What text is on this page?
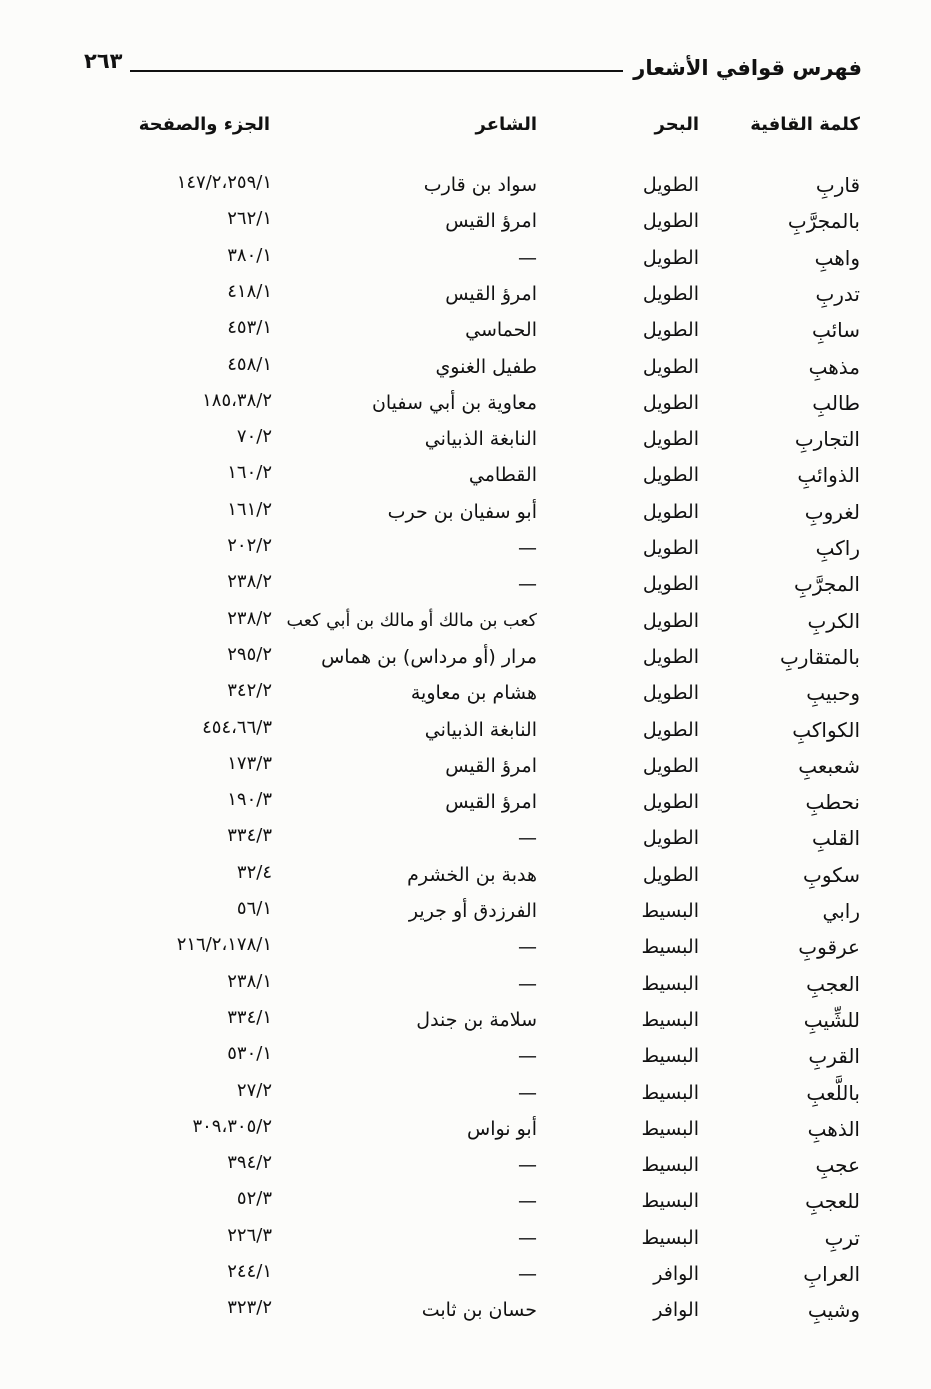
٢٦٣	فهرس قوافي الأشعار
كلمة القافية
البحر
الشاعر
الجزء والصفحة
قاربِ
الطويل
سواد بن قارب
١٤٧/٢،٢٥٩/١
بالمجرَّبِ
الطويل
امرؤ القيس
٢٦٢/١
واهبِ
الطويل
—
٣٨٠/١
تدربِ
الطويل
امرؤ القيس
٤١٨/١
سائبِ
الطويل
الحماسي
٤٥٣/١
مذهبِ
الطويل
طفيل الغنوي
٤٥٨/١
طالبِ
الطويل
معاوية بن أبي سفيان
١٨٥،٣٨/٢
التجاربِ
الطويل
النابغة الذبياني
٧٠/٢
الذوائبِ
الطويل
القطامي
١٦٠/٢
لغروبِ
الطويل
أبو سفيان بن حرب
١٦١/٢
راكبِ
الطويل
—
٢٠٢/٢
المجرَّبِ
الطويل
—
٢٣٨/٢
الكربِ
الطويل
كعب بن مالك أو مالك بن أبي كعب
٢٣٨/٢
بالمتقاربِ
الطويل
مرار (أو مرداس) بن هماس
٢٩٥/٢
وحبيبِ
الطويل
هشام بن معاوية
٣٤٢/٢
الكواكبِ
الطويل
النابغة الذبياني
٤٥٤،٦٦/٣
شعبعبِ
الطويل
امرؤ القيس
١٧٣/٣
نحطبِ
الطويل
امرؤ القيس
١٩٠/٣
القلبِ
الطويل
—
٣٣٤/٣
سكوبِ
الطويل
هدبة بن الخشرم
٣٢/٤
رابي
البسيط
الفرزدق أو جرير
٥٦/١
عرقوبِ
البسيط
—
٢١٦/٢،١٧٨/١
العجبِ
البسيط
—
٢٣٨/١
للشِّيبِ
البسيط
سلامة بن جندل
٣٣٤/١
القربِ
البسيط
—
٥٣٠/١
باللَّعبِ
البسيط
—
٢٧/٢
الذهبِ
البسيط
أبو نواس
٣٠٩،٣٠٥/٢
عجبِ
البسيط
—
٣٩٤/٢
للعجبِ
البسيط
—
٥٢/٣
تربِ
البسيط
—
٢٢٦/٣
العرابِ
الوافر
—
٢٤٤/١
وشيبِ
الوافر
حسان بن ثابت
٣٢٣/٢
